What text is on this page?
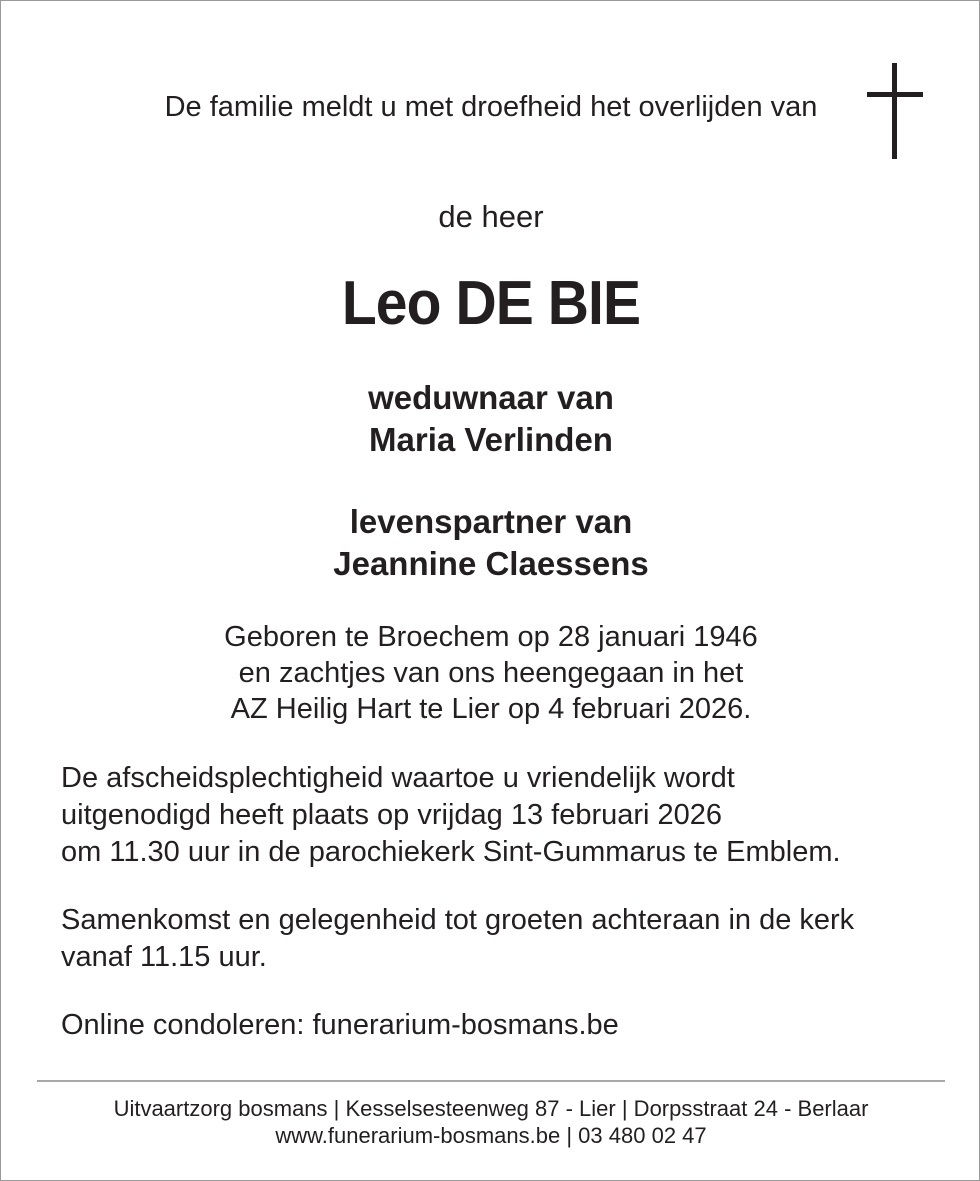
De familie meldt u met droefheid het overlijden van
de heer
Leo DE BIE
weduwnaar van
Maria Verlinden
levenspartner van
Jeannine Claessens
Geboren te Broechem op 28 januari 1946
en zachtjes van ons heengegaan in het
AZ Heilig Hart te Lier op 4 februari 2026.
De afscheidsplechtigheid waartoe u vriendelijk wordt
uitgenodigd heeft plaats op vrijdag 13 februari 2026
om 11.30 uur in de parochiekerk Sint-Gummarus te Emblem.
Samenkomst en gelegenheid tot groeten achteraan in de kerk
vanaf 11.15 uur.
Online condoleren: funerarium-bosmans.be
Uitvaartzorg bosmans | Kesselsesteenweg 87 - Lier | Dorpsstraat 24 - Berlaar
www.funerarium-bosmans.be | 03 480 02 47
